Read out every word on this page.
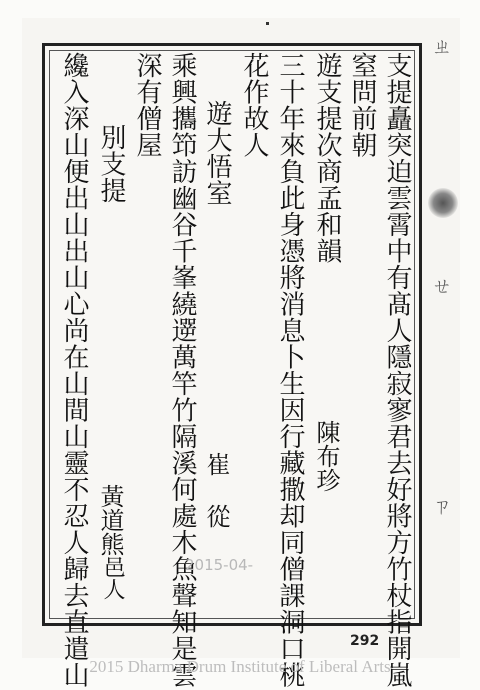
ㄓ
ㄝ
ㄗ
支提矗突迫雲霄中有髙人隱寂寥君去好將方竹杖指開嵐
窒問前朝
遊支提次商孟和韻
三十年來負此身憑將消息卜生因行藏撒却同僧課洞口桃
花作故人
遊大悟室
乘興攜笻訪幽谷千峯繞遻萬竿竹隔溪何處木魚聲知是雲
深有僧屋
別支提
纔入深山便出山出山心尚在山間山靈不忍人歸去直遣山	陳布珍
崔 從
黃道熊
邑人	2015-04-
292
2015 Dharma Drum Institute of Liberal Arts
